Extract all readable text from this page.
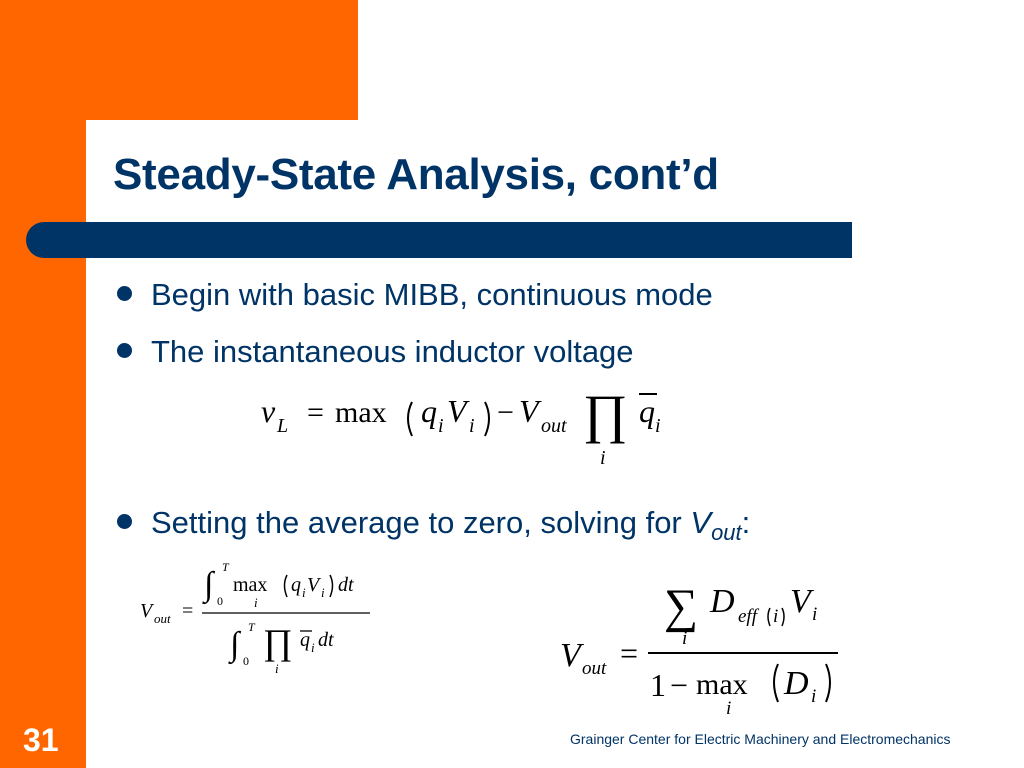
Steady-State Analysis, cont’d
Begin with basic MIBB, continuous mode
The instantaneous inductor voltage
v L = max q i V i − V out ∏
i
q i
Setting the average to zero, solving for $V_{out}$:
V out =
∫ T
0
max
i
q i V i dt
∫ T
0 ∏
i
q i dt	V out =
∑
i
D eff i V i
1 − max
i
D i
31	Grainger Center for Electric Machinery and Electromechanics
